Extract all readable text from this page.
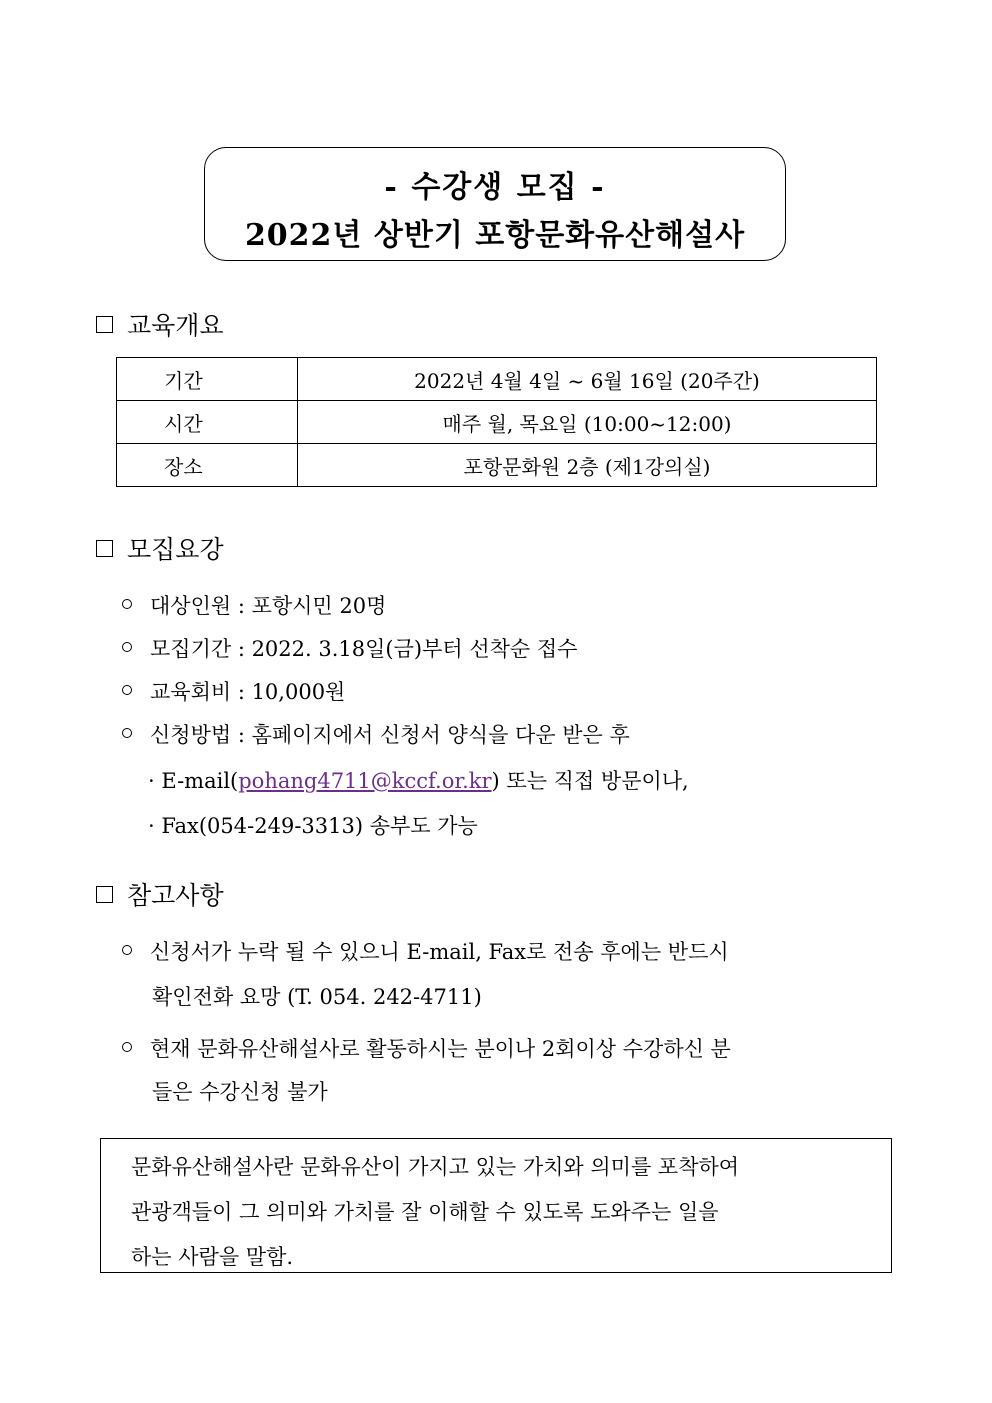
- 수강생 모집 -
2022년 상반기 포항문화유산해설사
교육개요
기간	2022년 4월 4일 ~ 6월 16일 (20주간)
시간	매주 월, 목요일 (10:00~12:00)
장소	포항문화원 2층 (제1강의실)
모집요강
대상인원 : 포항시민 20명
모집기간 : 2022. 3.18일(금)부터 선착순 접수
교육회비 : 10,000원
신청방법 : 홈페이지에서 신청서 양식을 다운 받은 후
· E-mail(pohang4711@kccf.or.kr) 또는 직접 방문이나,
· Fax(054-249-3313) 송부도 가능
참고사항
신청서가 누락 될 수 있으니 E-mail, Fax로 전송 후에는 반드시
확인전화 요망 (T. 054. 242-4711)
현재 문화유산해설사로 활동하시는 분이나 2회이상 수강하신 분
들은 수강신청 불가
문화유산해설사란 문화유산이 가지고 있는 가치와 의미를 포착하여
관광객들이 그 의미와 가치를 잘 이해할 수 있도록 도와주는 일을
하는 사람을 말함.
